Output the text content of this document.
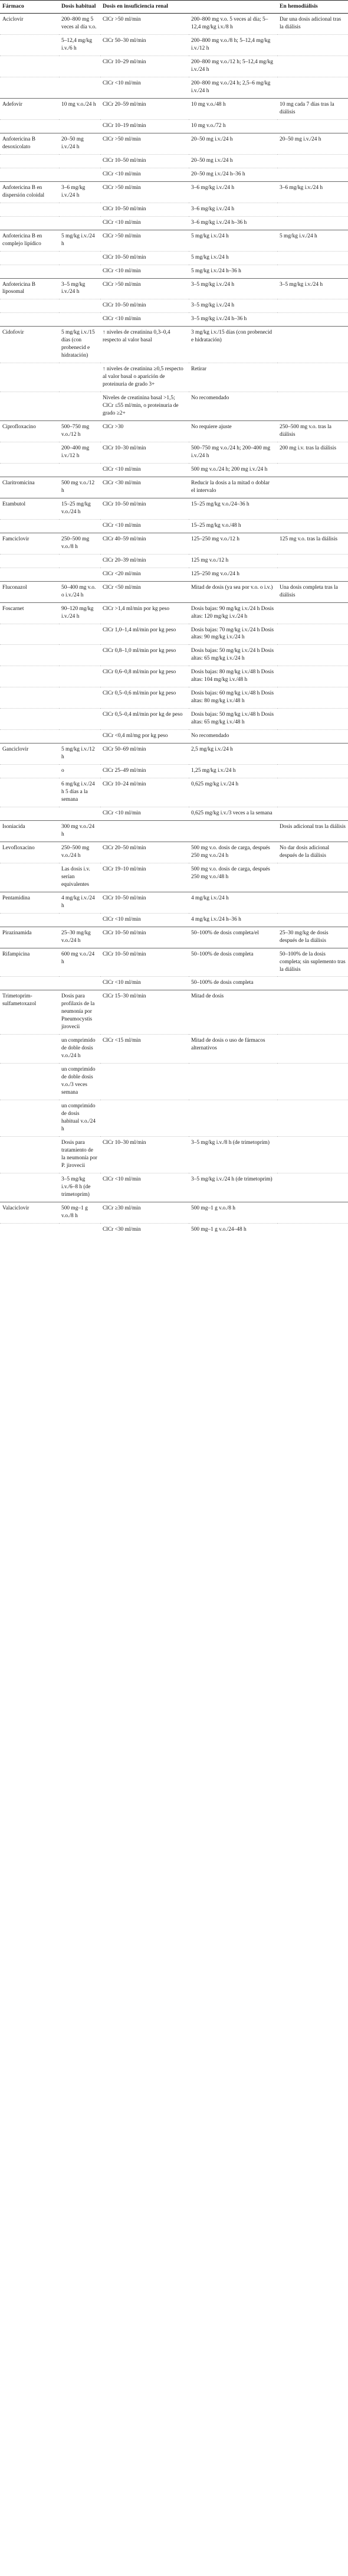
Fármaco	Dosis habitual	Dosis en insuficiencia renal		En hemodiálisis
Aciclovir	200–800 mg 5 veces al día v.o.	ClCr >50 ml/min	200–800 mg v.o. 5 veces al día; 5–12,4 mg/kg i.v./8 h	Dar una dosis adicional tras la diálisis
	5–12,4 mg/kg i.v./6 h	ClCr 50–30 ml/min	200–800 mg v.o./8 h; 5–12,4 mg/kg i.v./12 h	
		ClCr 10–29 ml/min	200–800 mg v.o./12 h; 5–12,4 mg/kg i.v./24 h	
		ClCr <10 ml/min	200–800 mg v.o./24 h; 2,5–6 mg/kg i.v./24 h	
Adefovir	10 mg v.o./24 h	ClCr 20–59 ml/min	10 mg v.o./48 h	10 mg cada 7 días tras la diálisis
		ClCr 10–19 ml/min	10 mg v.o./72 h	
Anfotericina B desoxicolato	20–50 mg i.v./24 h	ClCr >50 ml/min	20–50 mg i.v./24 h	20–50 mg i.v./24 h
		ClCr 10–50 ml/min	20–50 mg i.v./24 h	
		ClCr <10 ml/min	20–50 mg i.v./24 h–36 h	
Anfotericina B en dispersión coloidal	3–6 mg/kg i.v./24 h	ClCr >50 ml/min	3–6 mg/kg i.v./24 h	3–6 mg/kg i.v./24 h
		ClCr 10–50 ml/min	3–6 mg/kg i.v./24 h	
		ClCr <10 ml/min	3–6 mg/kg i.v./24 h–36 h	
Anfotericina B en complejo lipídico	5 mg/kg i.v./24 h	ClCr >50 ml/min	5 mg/kg i.v./24 h	5 mg/kg i.v./24 h
		ClCr 10–50 ml/min	5 mg/kg i.v./24 h	
		ClCr <10 ml/min	5 mg/kg i.v./24 h–36 h	
Anfotericina B liposomal	3–5 mg/kg i.v./24 h	ClCr >50 ml/min	3–5 mg/kg i.v./24 h	3–5 mg/kg i.v./24 h
		ClCr 10–50 ml/min	3–5 mg/kg i.v./24 h	
		ClCr <10 ml/min	3–5 mg/kg i.v./24 h–36 h	
Cidofovir	5 mg/kg i.v./15 días (con probenecid e hidratación)	↑ niveles de creatinina 0,3–0,4 respecto al valor basal	3 mg/kg i.v./15 días (con probenecid e hidratación)	
		↑ niveles de creatinina ≥0,5 respecto al valor basal o aparición de proteinuria de grado 3+	Retirar	
		Niveles de creatinina basal >1,5; ClCr ≤55 ml/min, o proteinuria de grado ≥2+	No recomendado	
Ciprofloxacino	500–750 mg v.o./12 h	ClCr >30	No requiere ajuste	250–500 mg v.o. tras la diálisis
	200–400 mg i.v./12 h	ClCr 10–30 ml/min	500–750 mg v.o./24 h; 200–400 mg i.v./24 h	200 mg i.v. tras la diálisis
		ClCr <10 ml/min	500 mg v.o./24 h; 200 mg i.v./24 h	
Claritromicina	500 mg v.o./12 h	ClCr <30 ml/min	Reducir la dosis a la mitad o doblar el intervalo	
Etambutol	15–25 mg/kg v.o./24 h	ClCr 10–50 ml/min	15–25 mg/kg v.o./24–36 h	
		ClCr <10 ml/min	15–25 mg/kg v.o./48 h	
Famciclovir	250–500 mg v.o./8 h	ClCr 40–59 ml/min	125–250 mg v.o./12 h	125 mg v.o. tras la diálisis
		ClCr 20–39 ml/min	125 mg v.o./12 h	
		ClCr <20 ml/min	125–250 mg v.o./24 h	
Fluconazol	50–400 mg v.o. o i.v./24 h	ClCr <50 ml/min	Mitad de dosis (ya sea por v.o. o i.v.)	Una dosis completa tras la diálisis
Foscarnet	90–120 mg/kg i.v./24 h	ClCr >1,4 ml/min por kg peso	Dosis bajas: 90 mg/kg i.v./24 h Dosis altas: 120 mg/kg i.v./24 h	
		ClCr 1,0–1,4 ml/min por kg peso	Dosis bajas: 70 mg/kg i.v./24 h Dosis altas: 90 mg/kg i.v./24 h	
		ClCr 0,8–1,0 ml/min por kg peso	Dosis bajas: 50 mg/kg i.v./24 h Dosis altas: 65 mg/kg i.v./24 h	
		ClCr 0,6–0,8 ml/min por kg peso	Dosis bajas: 80 mg/kg i.v./48 h Dosis altas: 104 mg/kg i.v./48 h	
		ClCr 0,5–0,6 ml/min por kg peso	Dosis bajas: 60 mg/kg i.v./48 h Dosis altas: 80 mg/kg i.v./48 h	
		ClCr 0,5–0,4 ml/min por kg de peso	Dosis bajas: 50 mg/kg i.v./48 h Dosis altas: 65 mg/kg i.v./48 h	
		ClCr <0,4 ml/mg por kg peso	No recomendado	
Ganciclovir	5 mg/kg i.v./12 h	ClCr 50–69 ml/min	2,5 mg/kg i.v./24 h	
	o	ClCr 25–49 ml/min	1,25 mg/kg i.v./24 h	
	6 mg/kg i.v./24 h 5 días a la semana	ClCr 10–24 ml/min	0,625 mg/kg i.v./24 h	
		ClCr <10 ml/min	0,625 mg/kg i.v./3 veces a la semana	
Isoniacida	300 mg v.o./24 h			Dosis adicional tras la diálisis
Levofloxacino	250–500 mg v.o./24 h	ClCr 20–50 ml/min	500 mg v.o. dosis de carga, después 250 mg v.o./24 h	No dar dosis adicional después de la diálisis
	Las dosis i.v. serían equivalentes	ClCr 19–10 ml/min	500 mg v.o. dosis de carga, después 250 mg v.o./48 h	
Pentamidina	4 mg/kg i.v./24 h	ClCr 10–50 ml/min	4 mg/kg i.v./24 h	
		ClCr <10 ml/min	4 mg/kg i.v./24 h–36 h	
Pirazinamida	25–30 mg/kg v.o./24 h	ClCr 10–50 ml/min	50–100% de dosis completa/el	25–30 mg/kg de dosis después de la diálisis
Rifampicina	600 mg v.o./24 h	ClCr 10–50 ml/min	50–100% de dosis completa	50–100% de la dosis completa; sin suplemento tras la diálisis
		ClCr <10 ml/min	50–100% de dosis completa	
Trimetoprim-sulfametoxazol	Dosis para profilaxis de la neumonía por Pneumocystis jirovecii	ClCr 15–30 ml/min	Mitad de dosis	
	un comprimido de doble dosis v.o./24 h	ClCr <15 ml/min	Mitad de dosis o uso de fármacos alternativos	
	un comprimido de doble dosis v.o./3 veces semana			
	un comprimido de dosis habitual v.o./24 h			
	Dosis para tratamiento de la neumonía por P. jirovecii	ClCr 10–30 ml/min	3–5 mg/kg i.v./8 h (de trimetoprim)	
	3–5 mg/kg i.v./6–8 h (de trimetoprim)	ClCr <10 ml/min	3–5 mg/kg i.v./24 h (de trimetoprim)	
Valaciclovir	500 mg–1 g v.o./8 h	ClCr ≥30 ml/min	500 mg–1 g v.o./8 h	
		ClCr <30 ml/min	500 mg–1 g v.o./24–48 h	
